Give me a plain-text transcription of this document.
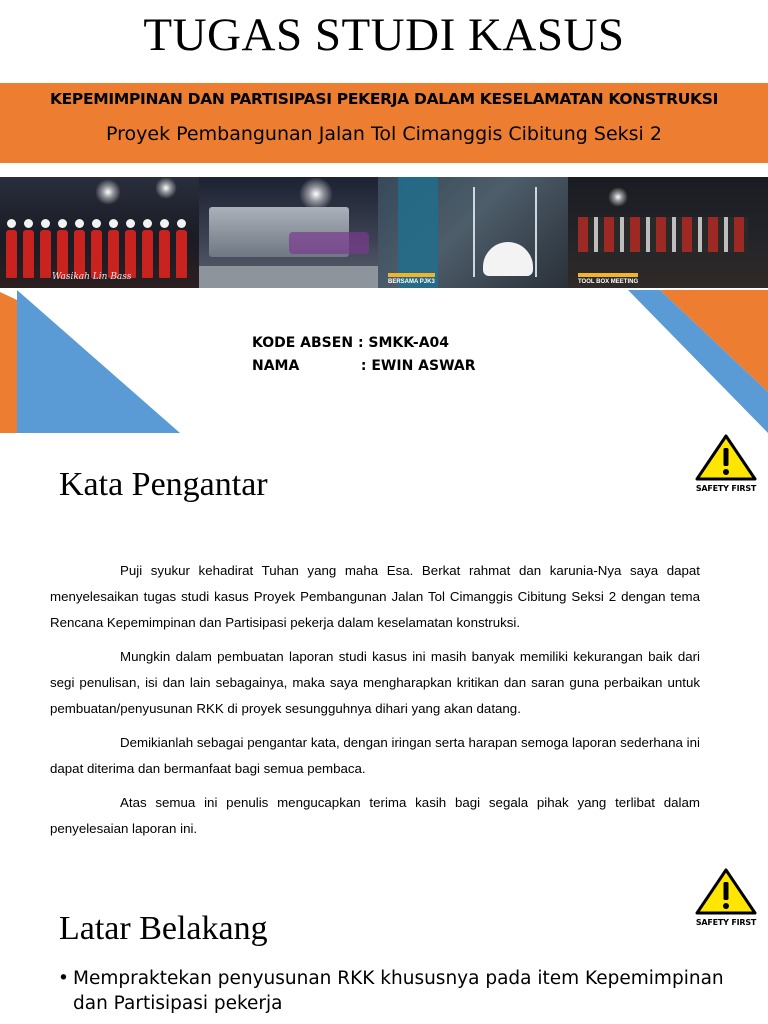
TUGAS STUDI KASUS
KEPEMIMPINAN DAN PARTISIPASI PEKERJA DALAM KESELAMATAN KONSTRUKSI
Proyek Pembangunan Jalan Tol Cimanggis Cibitung Seksi 2
Wasikah Lin Bass	BERSAMA PJK3	TOOL BOX MEETING
KODE ABSEN : SMKK-A04
NAMA	: EWIN ASWAR
Kata Pengantar	SAFETY FIRST

Puji syukur kehadirat Tuhan yang maha Esa. Berkat rahmat dan karunia-Nya saya dapat menyelesaikan tugas studi kasus Proyek Pembangunan Jalan Tol Cimanggis Cibitung Seksi 2 dengan tema Rencana Kepemimpinan dan Partisipasi pekerja dalam keselamatan konstruksi.

Mungkin dalam pembuatan laporan studi kasus ini masih banyak memiliki kekurangan baik dari segi penulisan, isi dan lain sebagainya, maka saya mengharapkan kritikan dan saran guna perbaikan untuk pembuatan/penyusunan RKK di proyek sesungguhnya dihari yang akan datang.

Demikianlah sebagai pengantar kata, dengan iringan serta harapan semoga laporan sederhana ini dapat diterima dan bermanfaat bagi semua pembaca.

Atas semua ini penulis mengucapkan terima kasih bagi segala pihak yang terlibat dalam penyelesaian laporan ini.

Latar Belakang	SAFETY FIRST
• Mempraktekan penyusunan RKK khususnya pada item Kepemimpinan dan Partisipasi pekerja
